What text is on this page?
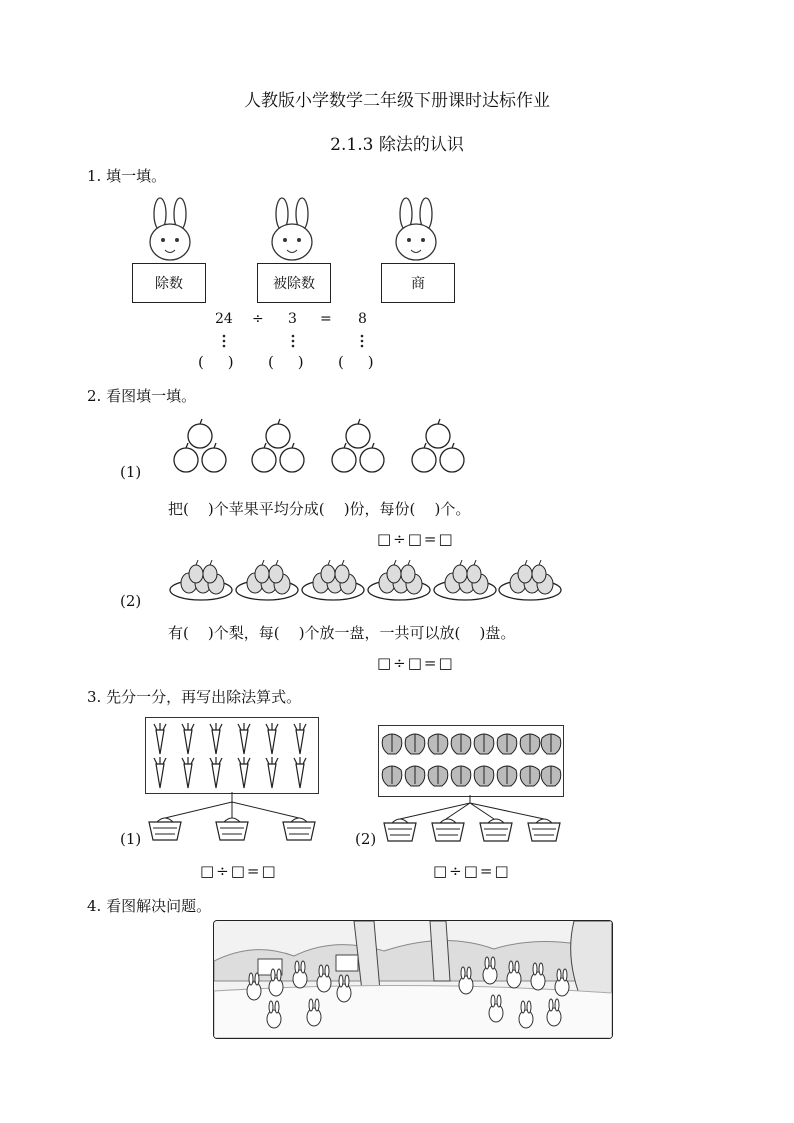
人教版小学数学二年级下册课时达标作业
2.1.3 除法的认识
1. 填一填。
除数	被除数	商
24 ÷ 3 = 8
(     ) (     ) (     )
2. 看图填一填。
(1)
把(    )个苹果平均分成(    )份，每份(    )个。
□÷□=□
(2)
有(    )个梨，每(    )个放一盘，一共可以放(    )盘。
□÷□=□
3. 先分一分，再写出除法算式。
(1)
□÷□=□
(2)
□÷□=□
4. 看图解决问题。
